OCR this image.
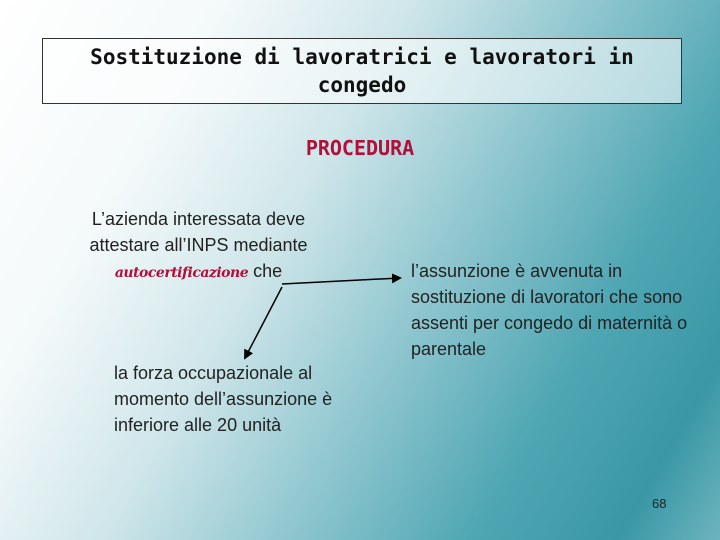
Sostituzione di lavoratrici e lavoratori in congedo
PROCEDURA
L’azienda interessata deve attestare all’INPS mediante
autocertificazione che
la forza occupazionale al momento dell’assunzione è inferiore alle 20 unità
l’assunzione è avvenuta in sostituzione di lavoratori che sono assenti per congedo di maternità o parentale
68
